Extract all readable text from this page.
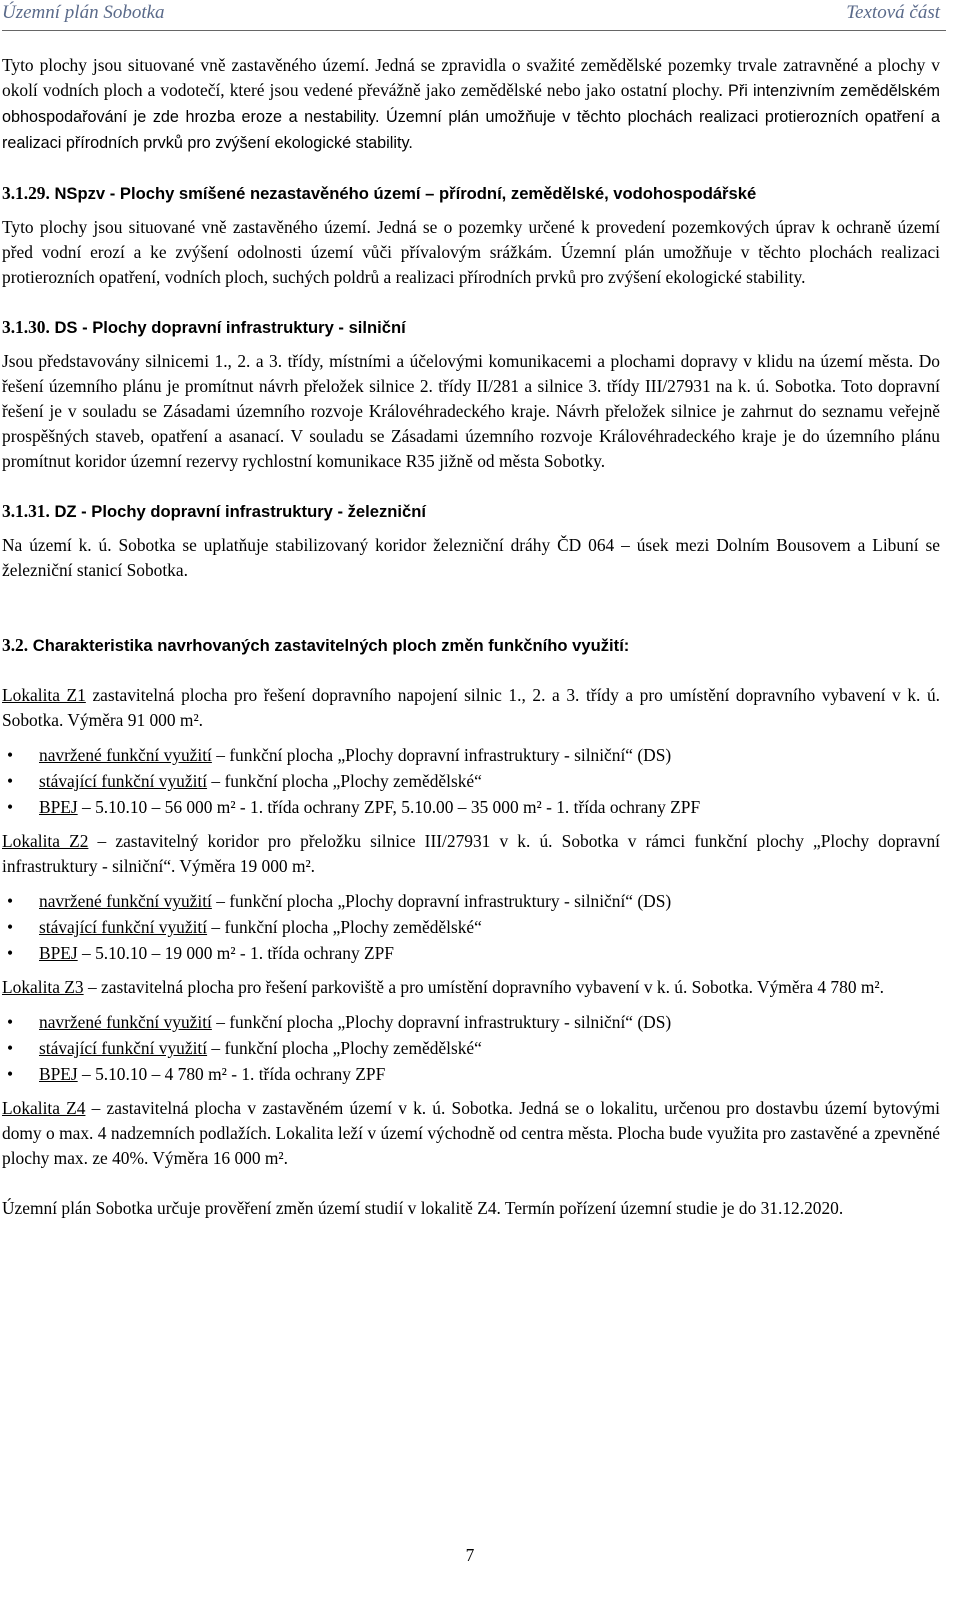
Územní plán Sobotka	Textová část

Tyto plochy jsou situované vně zastavěného území. Jedná se zpravidla o svažité zemědělské pozemky trvale zatravněné a plochy v okolí vodních ploch a vodotečí, které jsou vedené převážně jako zemědělské nebo jako ostatní plochy. Při intenzivním zemědělském obhospodařování je zde hrozba eroze a nestability. Územní plán umožňuje v těchto plochách realizaci protierozních opatření a realizaci přírodních prvků pro zvýšení ekologické stability.

3.1.29. NSpzv - Plochy smíšené nezastavěného území – přírodní, zemědělské, vodohospodářské

Tyto plochy jsou situované vně zastavěného území. Jedná se o pozemky určené k provedení pozemkových úprav k ochraně území před vodní erozí a ke zvýšení odolnosti území vůči přívalovým srážkám. Územní plán umožňuje v těchto plochách realizaci protierozních opatření, vodních ploch, suchých poldrů a realizaci přírodních prvků pro zvýšení ekologické stability.

3.1.30. DS - Plochy dopravní infrastruktury - silniční

Jsou představovány silnicemi 1., 2. a 3. třídy, místními a účelovými komunikacemi a plochami dopravy v klidu na území města. Do řešení územního plánu je promítnut návrh přeložek silnice 2. třídy II/281 a silnice 3. třídy III/27931 na k. ú. Sobotka. Toto dopravní řešení je v souladu se Zásadami územního rozvoje Královéhradeckého kraje. Návrh přeložek silnice je zahrnut do seznamu veřejně prospěšných staveb, opatření a asanací. V souladu se Zásadami územního rozvoje Královéhradeckého kraje je do územního plánu promítnut koridor územní rezervy rychlostní komunikace R35 jižně od města Sobotky.

3.1.31. DZ - Plochy dopravní infrastruktury - železniční

Na území k. ú. Sobotka se uplatňuje stabilizovaný koridor železniční dráhy ČD 064 – úsek mezi Dolním Bousovem a Libuní se železniční stanicí Sobotka.

3.2. Charakteristika navrhovaných zastavitelných ploch změn funkčního využití:

Lokalita Z1 zastavitelná plocha pro řešení dopravního napojení silnic 1., 2. a 3. třídy a pro umístění dopravního vybavení v k. ú. Sobotka. Výměra 91 000 m².

• navržené funkční využití – funkční plocha „Plochy dopravní infrastruktury - silniční“ (DS)
• stávající funkční využití – funkční plocha „Plochy zemědělské“
• BPEJ – 5.10.10 – 56 000 m² - 1. třída ochrany ZPF, 5.10.00 – 35 000 m² - 1. třída ochrany ZPF

Lokalita Z2 – zastavitelný koridor pro přeložku silnice III/27931 v k. ú. Sobotka v rámci funkční plochy „Plochy dopravní infrastruktury - silniční“. Výměra 19 000 m².

• navržené funkční využití – funkční plocha „Plochy dopravní infrastruktury - silniční“ (DS)
• stávající funkční využití – funkční plocha „Plochy zemědělské“
• BPEJ – 5.10.10 – 19 000 m² - 1. třída ochrany ZPF

Lokalita Z3 – zastavitelná plocha pro řešení parkoviště a pro umístění dopravního vybavení v k. ú. Sobotka. Výměra 4 780 m².

• navržené funkční využití – funkční plocha „Plochy dopravní infrastruktury - silniční“ (DS)
• stávající funkční využití – funkční plocha „Plochy zemědělské“
• BPEJ – 5.10.10 – 4 780 m² - 1. třída ochrany ZPF

Lokalita Z4 – zastavitelná plocha v zastavěném území v k. ú. Sobotka. Jedná se o lokalitu, určenou pro dostavbu území bytovými domy o max. 4 nadzemních podlažích. Lokalita leží v území východně od centra města. Plocha bude využita pro zastavěné a zpevněné plochy max. ze 40%. Výměra 16 000 m².

Územní plán Sobotka určuje prověření změn území studií v lokalitě Z4. Termín pořízení územní studie je do 31.12.2020.

7
